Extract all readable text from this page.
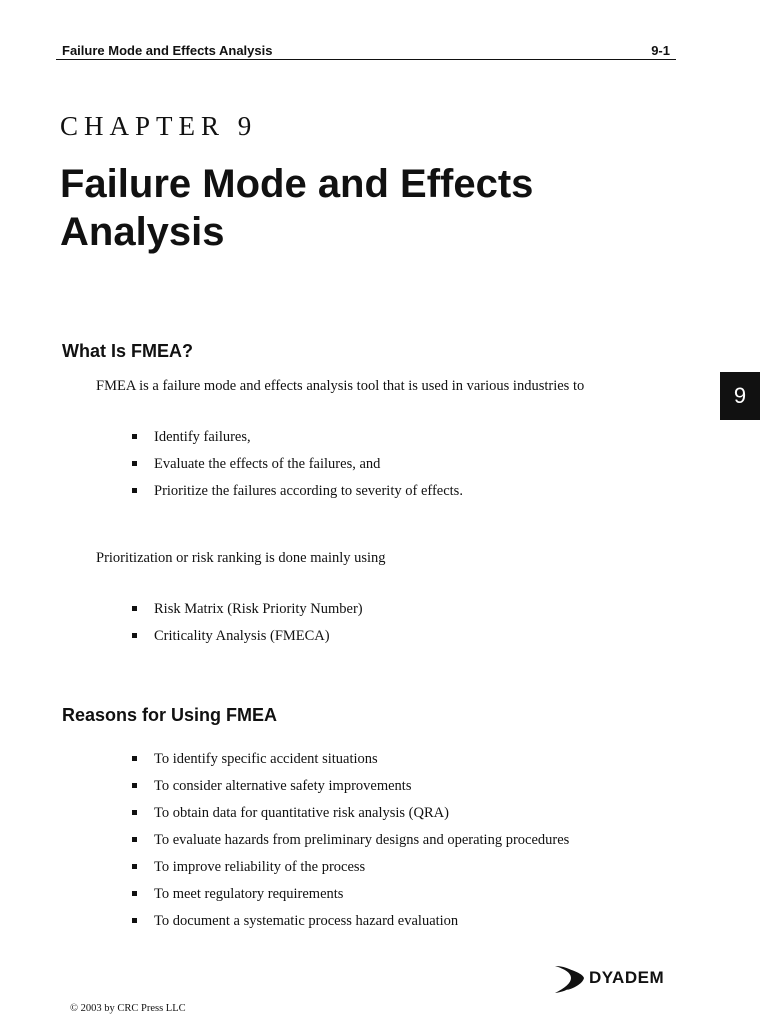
Failure Mode and Effects Analysis	9-1
CHAPTER 9
Failure Mode and Effects Analysis
9
What Is FMEA?

FMEA is a failure mode and effects analysis tool that is used in various industries to

Identify failures,
Evaluate the effects of the failures, and
Prioritize the failures according to severity of effects.

Prioritization or risk ranking is done mainly using

Risk Matrix (Risk Priority Number)
Criticality Analysis (FMECA)
Reasons for Using FMEA
To identify specific accident situations
To consider alternative safety improvements
To obtain data for quantitative risk analysis (QRA)
To evaluate hazards from preliminary designs and operating procedures
To improve reliability of the process
To meet regulatory requirements
To document a systematic process hazard evaluation
DYADEM
© 2003 by CRC Press LLC
